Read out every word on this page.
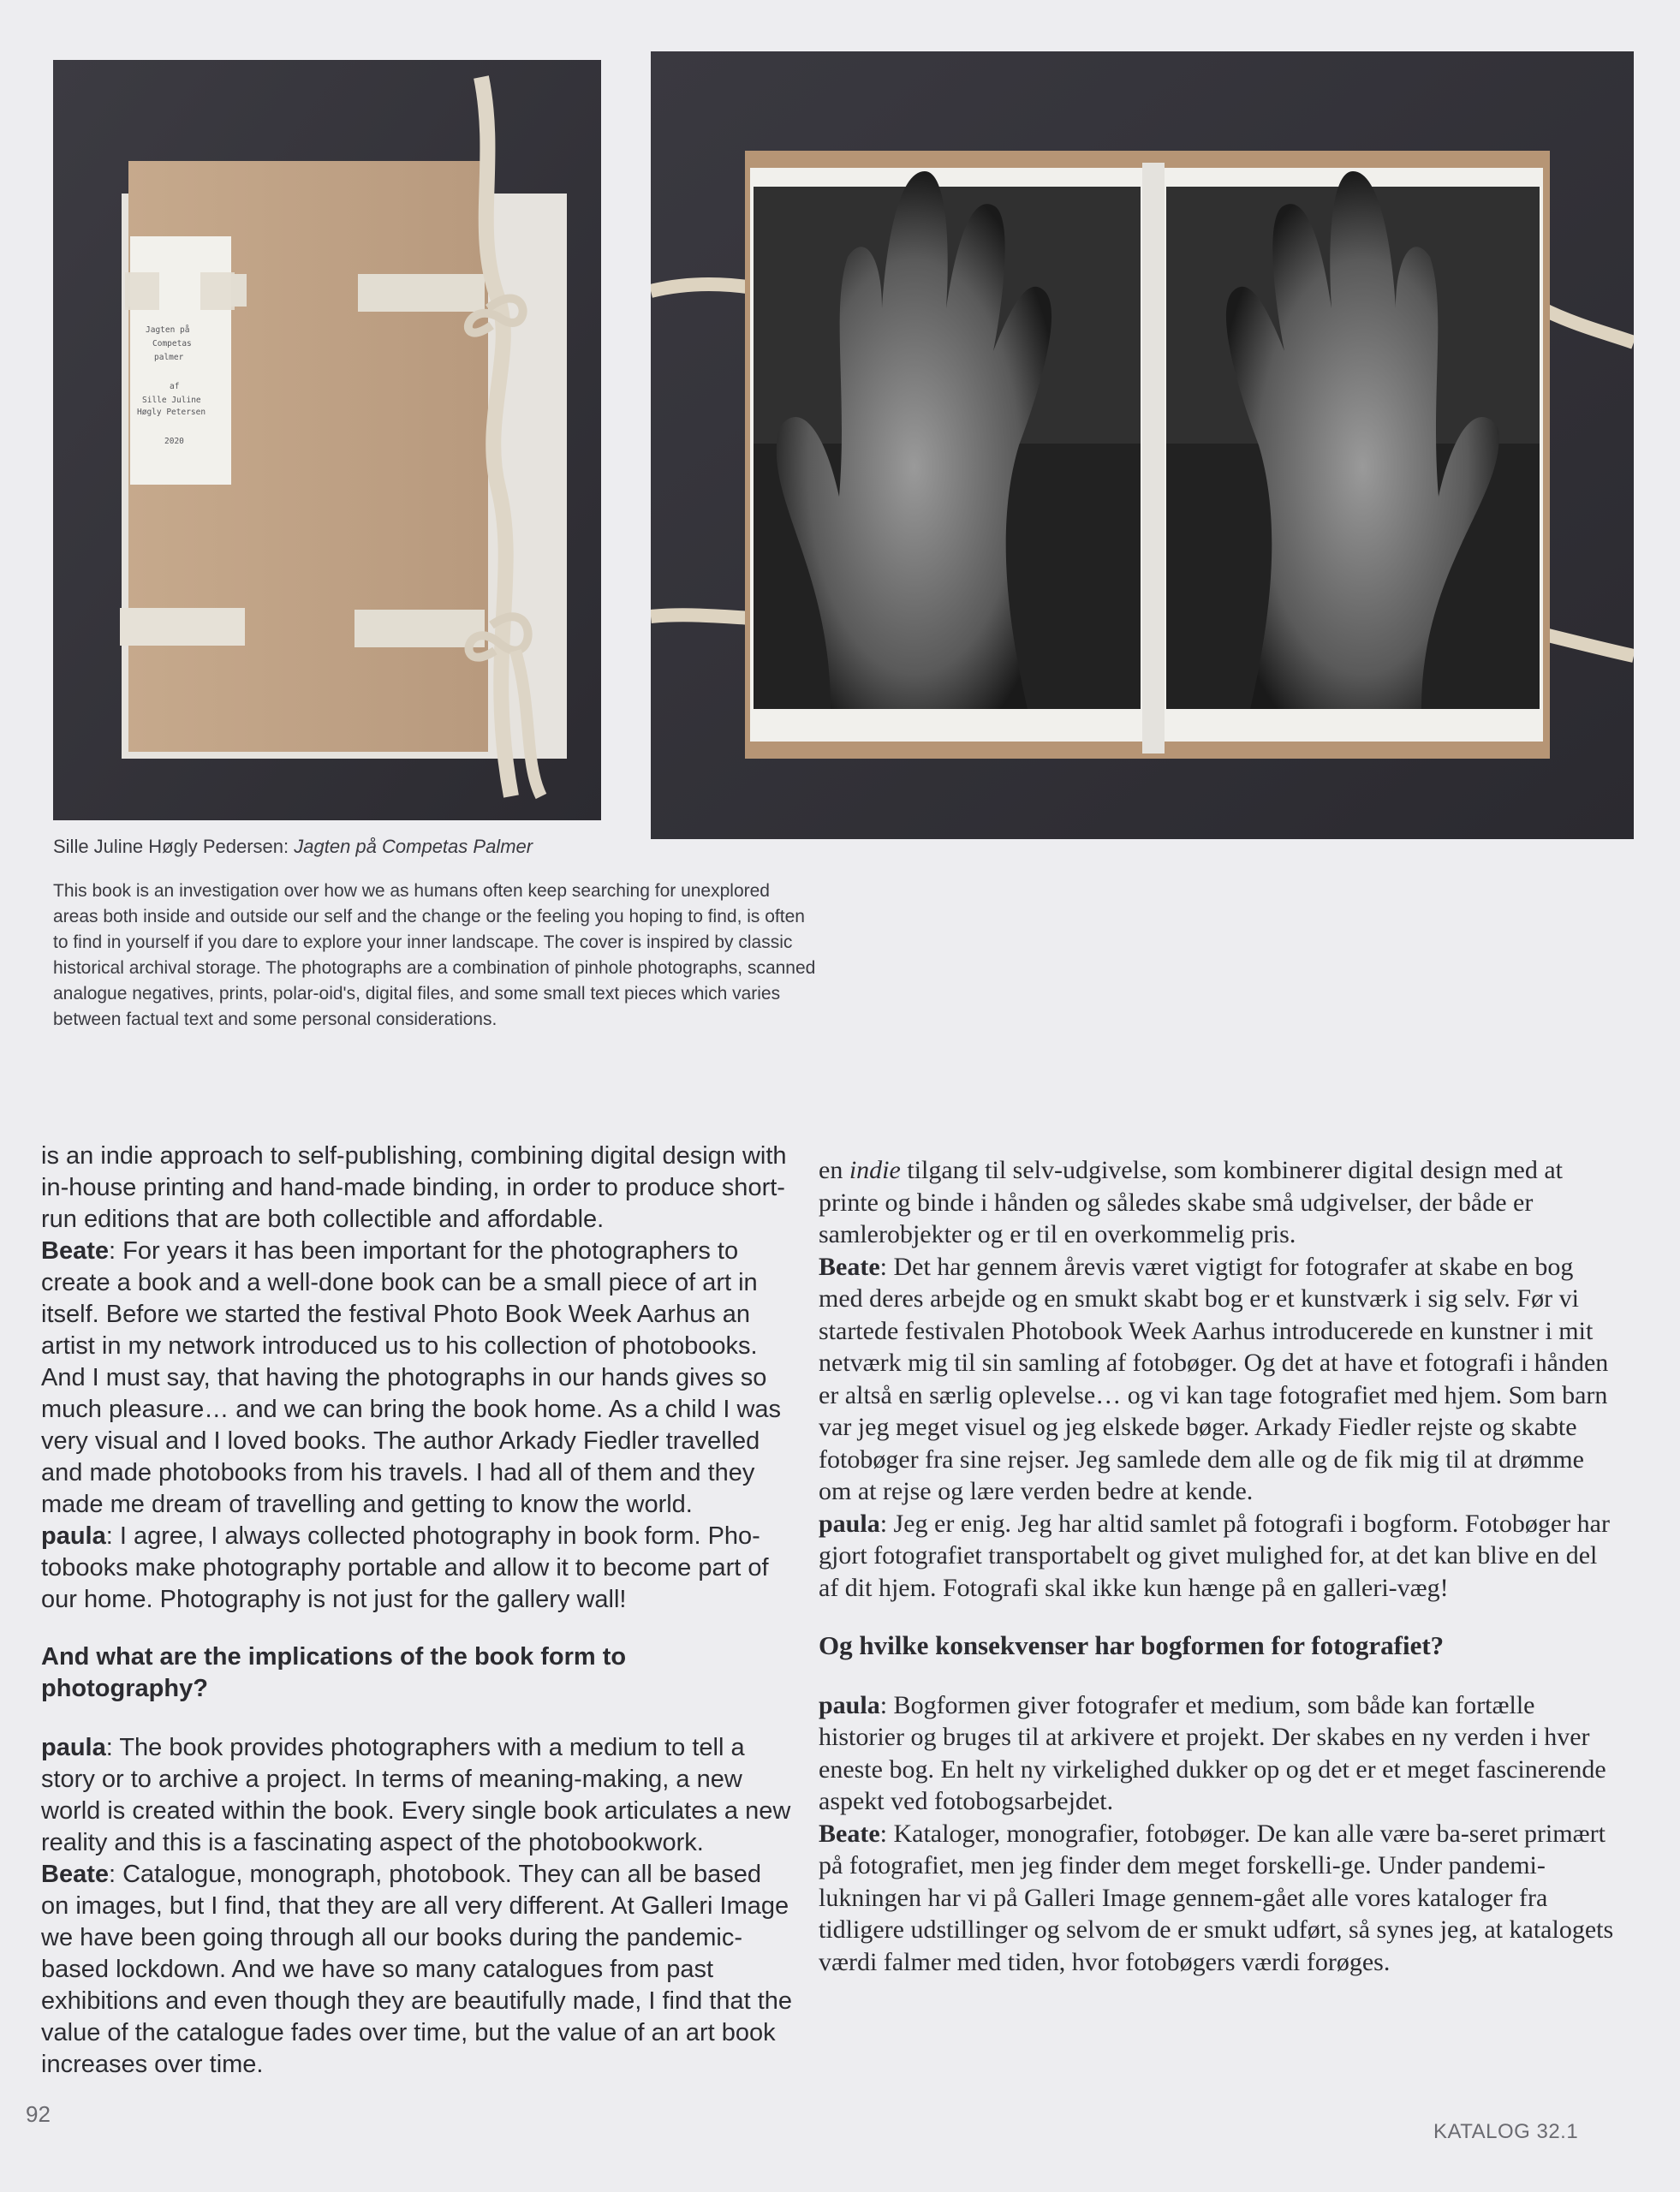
Jagten på
Competas
palmer
af
Sille Juline
Høgly Petersen
2020
Sille Juline Høgly Pedersen: Jagten på Competas Palmer
This book is an investigation over how we as humans often keep searching for unexplored areas both inside and outside our self and the change or the feeling you hoping to find, is often to find in yourself if you dare to explore your inner landscape. The cover is inspired by classic historical archival storage. The photographs are a combination of pinhole photographs, scanned analogue negatives, prints, polar-oid's, digital files, and some small text pieces which varies between factual text and some personal considerations.

is an indie approach to self-publishing, combining digital design with in-house printing and hand-made binding, in order to produce short-run editions that are both collectible and affordable.

Beate: For years it has been important for the photographers to create a book and a well-done book can be a small piece of art in itself. Before we started the festival Photo Book Week Aarhus an artist in my network introduced us to his collection of photobooks. And I must say, that having the photographs in our hands gives so much pleasure… and we can bring the book home. As a child I was very visual and I loved books. The author Arkady Fiedler travelled and made photobooks from his travels. I had all of them and they made me dream of travelling and getting to know the world.

paula: I agree, I always collected photography in book form. Pho-tobooks make photography portable and allow it to become part of our home. Photography is not just for the gallery wall!

And what are the implications of the book form to photography?

paula: The book provides photographers with a medium to tell a story or to archive a project. In terms of meaning-making, a new world is created within the book. Every single book articulates a new reality and this is a fascinating aspect of the photobookwork.

Beate: Catalogue, monograph, photobook. They can all be based on images, but I find, that they are all very different. At Galleri Image we have been going through all our books during the pandemic-based lockdown. And we have so many catalogues from past exhibitions and even though they are beautifully made, I find that the value of the catalogue fades over time, but the value of an art book increases over time.

en indie tilgang til selv-udgivelse, som kombinerer digital design med at printe og binde i hånden og således skabe små udgivelser, der både er samlerobjekter og er til en overkommelig pris.

Beate: Det har gennem årevis været vigtigt for fotografer at skabe en bog med deres arbejde og en smukt skabt bog er et kunstværk i sig selv. Før vi startede festivalen Photobook Week Aarhus introducerede en kunstner i mit netværk mig til sin samling af fotobøger. Og det at have et fotografi i hånden er altså en særlig oplevelse… og vi kan tage fotografiet med hjem. Som barn var jeg meget visuel og jeg elskede bøger. Arkady Fiedler rejste og skabte fotobøger fra sine rejser. Jeg samlede dem alle og de fik mig til at drømme om at rejse og lære verden bedre at kende.

paula: Jeg er enig. Jeg har altid samlet på fotografi i bogform. Fotobøger har gjort fotografiet transportabelt og givet mulighed for, at det kan blive en del af dit hjem. Fotografi skal ikke kun hænge på en galleri-væg!

Og hvilke konsekvenser har bogformen for fotografiet?

paula: Bogformen giver fotografer et medium, som både kan fortælle historier og bruges til at arkivere et projekt. Der skabes en ny verden i hver eneste bog. En helt ny virkelighed dukker op og det er et meget fascinerende aspekt ved fotobogsarbejdet.

Beate: Kataloger, monografier, fotobøger. De kan alle være ba-seret primært på fotografiet, men jeg finder dem meget forskelli-ge. Under pandemi-lukningen har vi på Galleri Image gennem-gået alle vores kataloger fra tidligere udstillinger og selvom de er smukt udført, så synes jeg, at katalogets værdi falmer med tiden, hvor fotobøgers værdi forøges.

92
KATALOG 32.1
